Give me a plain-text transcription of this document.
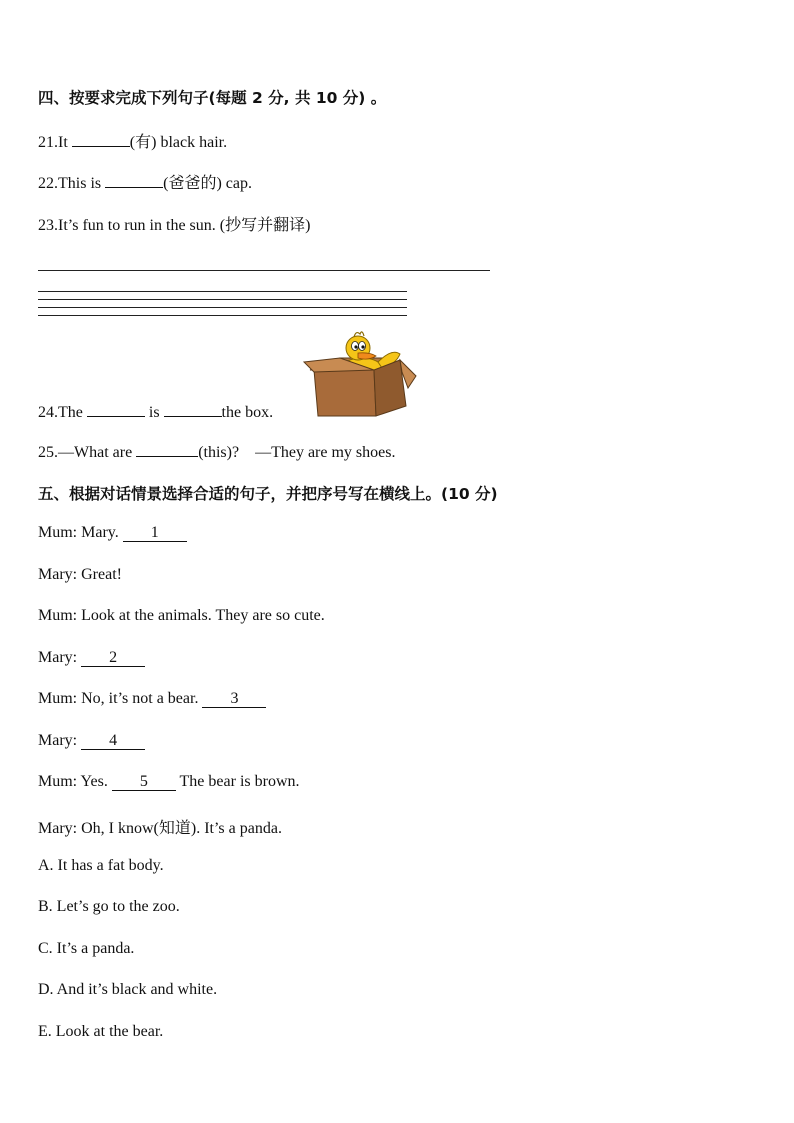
四、按要求完成下列句子(每题 2 分, 共 10 分) 。
21.It	(有) black hair.
22.This is	(爸爸的) cap.
23.It’s fun to run in the sun. (抄写并翻译)
24.The	is	the box.
25.—What are	(this)? —They are my shoes.
五、根据对话情景选择合适的句子，并把序号写在横线上。(10 分)
Mum: Mary. 1
Mary: Great!
Mum: Look at the animals. They are so cute.
Mary: 2
Mum: No, it’s not a bear. 3
Mary: 4
Mum: Yes. 5 The bear is brown.
Mary: Oh, I know(知道). It’s a panda.
A. It has a fat body.
B. Let’s go to the zoo.
C. It’s a panda.
D. And it’s black and white.
E. Look at the bear.
